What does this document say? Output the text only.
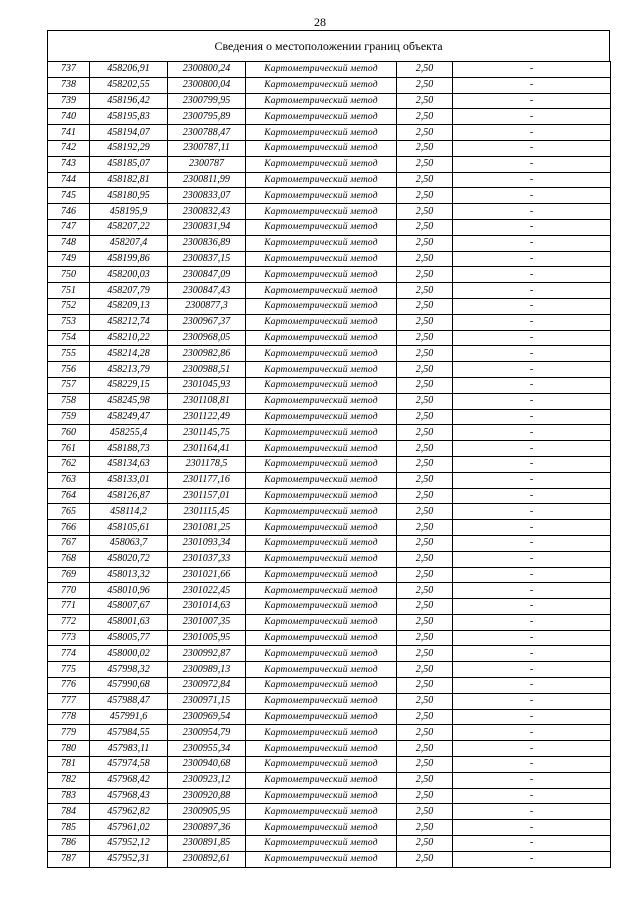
28
Сведения о местоположении границ объекта
737	458206,91	2300800,24	Картометрический метод	2,50	-
738	458202,55	2300800,04	Картометрический метод	2,50	-
739	458196,42	2300799,95	Картометрический метод	2,50	-
740	458195,83	2300795,89	Картометрический метод	2,50	-
741	458194,07	2300788,47	Картометрический метод	2,50	-
742	458192,29	2300787,11	Картометрический метод	2,50	-
743	458185,07	2300787	Картометрический метод	2,50	-
744	458182,81	2300811,99	Картометрический метод	2,50	-
745	458180,95	2300833,07	Картометрический метод	2,50	-
746	458195,9	2300832,43	Картометрический метод	2,50	-
747	458207,22	2300831,94	Картометрический метод	2,50	-
748	458207,4	2300836,89	Картометрический метод	2,50	-
749	458199,86	2300837,15	Картометрический метод	2,50	-
750	458200,03	2300847,09	Картометрический метод	2,50	-
751	458207,79	2300847,43	Картометрический метод	2,50	-
752	458209,13	2300877,3	Картометрический метод	2,50	-
753	458212,74	2300967,37	Картометрический метод	2,50	-
754	458210,22	2300968,05	Картометрический метод	2,50	-
755	458214,28	2300982,86	Картометрический метод	2,50	-
756	458213,79	2300988,51	Картометрический метод	2,50	-
757	458229,15	2301045,93	Картометрический метод	2,50	-
758	458245,98	2301108,81	Картометрический метод	2,50	-
759	458249,47	2301122,49	Картометрический метод	2,50	-
760	458255,4	2301145,75	Картометрический метод	2,50	-
761	458188,73	2301164,41	Картометрический метод	2,50	-
762	458134,63	2301178,5	Картометрический метод	2,50	-
763	458133,01	2301177,16	Картометрический метод	2,50	-
764	458126,87	2301157,01	Картометрический метод	2,50	-
765	458114,2	2301115,45	Картометрический метод	2,50	-
766	458105,61	2301081,25	Картометрический метод	2,50	-
767	458063,7	2301093,34	Картометрический метод	2,50	-
768	458020,72	2301037,33	Картометрический метод	2,50	-
769	458013,32	2301021,66	Картометрический метод	2,50	-
770	458010,96	2301022,45	Картометрический метод	2,50	-
771	458007,67	2301014,63	Картометрический метод	2,50	-
772	458001,63	2301007,35	Картометрический метод	2,50	-
773	458005,77	2301005,95	Картометрический метод	2,50	-
774	458000,02	2300992,87	Картометрический метод	2,50	-
775	457998,32	2300989,13	Картометрический метод	2,50	-
776	457990,68	2300972,84	Картометрический метод	2,50	-
777	457988,47	2300971,15	Картометрический метод	2,50	-
778	457991,6	2300969,54	Картометрический метод	2,50	-
779	457984,55	2300954,79	Картометрический метод	2,50	-
780	457983,11	2300955,34	Картометрический метод	2,50	-
781	457974,58	2300940,68	Картометрический метод	2,50	-
782	457968,42	2300923,12	Картометрический метод	2,50	-
783	457968,43	2300920,88	Картометрический метод	2,50	-
784	457962,82	2300905,95	Картометрический метод	2,50	-
785	457961,02	2300897,36	Картометрический метод	2,50	-
786	457952,12	2300891,85	Картометрический метод	2,50	-
787	457952,31	2300892,61	Картометрический метод	2,50	-
